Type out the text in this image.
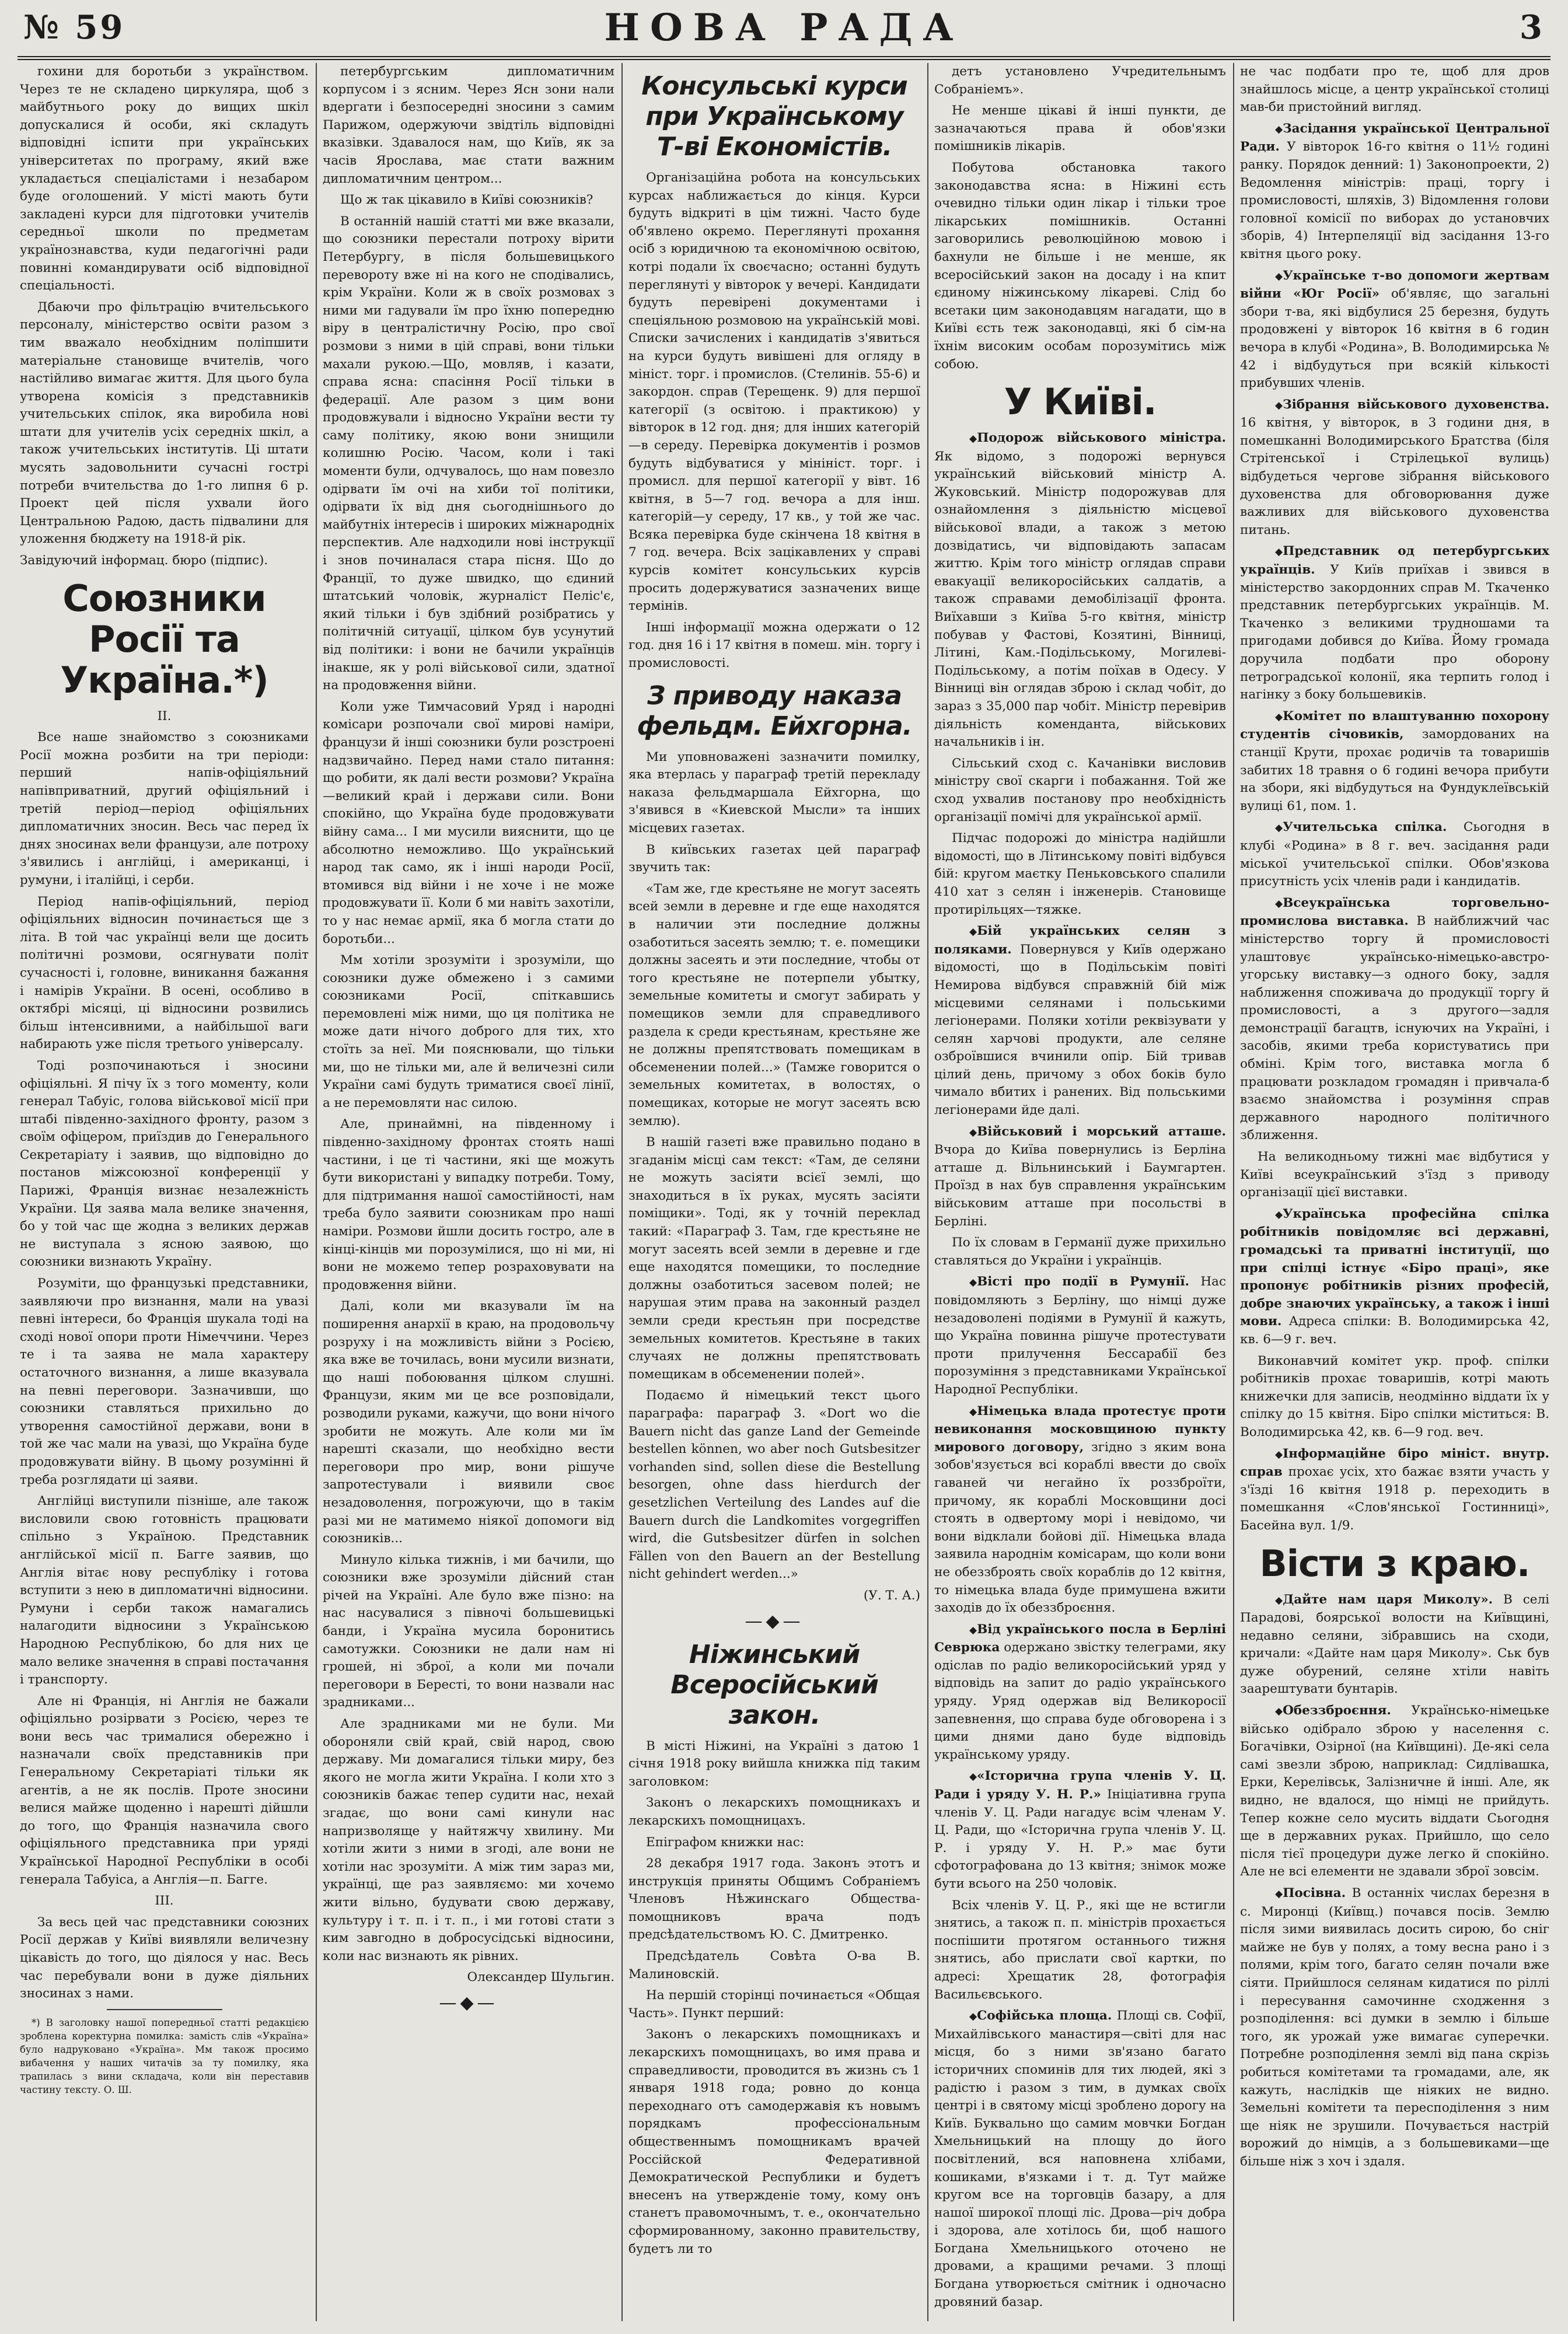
№ 59	НОВА РАДА	3

гохини для боротьби з українством. Через те не складено циркуляра, щоб з майбутнього року до вищих шкіл допускалися й особи, які складуть відповідні іспити при українських університетах по програму, який вже укладається спеціалістами і незабаром буде оголошений. У місті мають бути закладені курси для підготовки учителів середньої школи по предметам українознавства, куди педагогічні ради повинні командирувати осіб відповідної спеціальності.

Дбаючи про фільтрацію вчительського персоналу, міністерство освіти разом з тим вважало необхідним поліпшити матеріальне становище вчителів, чого настійливо вимагає життя. Для цього була утворена комісія з представників учительських спілок, яка виробила нові штати для учителів усіх середніх шкіл, а також учительських інститутів. Ці штати мусять задовольнити сучасні гострі потреби вчительства до 1-го липня 6 р. Проект цей після ухвали його Центральною Радою, дасть підвалини для уложення бюджету на 1918-й рік.

Завідуючий інформац. бюро (підпис).

Союзники Росії та Україна.*)

II.

Все наше знайомство з союзниками Росії можна розбити на три періоди: перший напів-офіціяльний напівприватний, другий офіціяльний і третій період—період офіціяльних дипломатичних зносин. Весь час перед їх днях зносинах вели французи, але потроху з'явились і англійці, і американці, і румуни, і італійці, і серби.

Період напів-офіціяльний, період офіціяльних відносин починається ще з літа. В той час українці вели ще досить політичні розмови, осягнувати політ сучасності і, головне, виникання бажання і намірів України. В осені, особливо в октябрі місяці, ці відносини розвились більш інтенсивними, а найбільшої ваги набирають уже після третього універсалу.

Тоді розпочинаються і зносини офіціяльні. Я пічу їх з того моменту, коли генерал Табуіс, голова військової місії при штабі південно-західного фронту, разом з своїм офіцером, приїздив до Генерального Секретаріату і заявив, що відповідно до постанов міжсоюзної конференції у Парижі, Франція визнає незалежність України. Ця заява мала велике значення, бо у той час ще жодна з великих держав не виступала з ясною заявою, що союзники визнають Україну.

Розуміти, що французькі представники, заявляючи про визнання, мали на увазі певні інтереси, бо Франція шукала тоді на сході нової опори проти Німеччини. Через те і та заява не мала характеру остаточного визнання, а лише вказувала на певні переговори. Зазначивши, що союзники ставляться прихильно до утворення самостійної держави, вони в той же час мали на увазі, що Україна буде продовжувати війну. В цьому розумінні й треба розглядати ці заяви.

Англійці виступили пізніше, але також висловили свою готовність працювати спільно з Україною. Представник англійської місії п. Багге заявив, що Англія вітає нову республіку і готова вступити з нею в дипломатичні відносини. Румуни і серби також намагались налагодити відносини з Українською Народною Республікою, бо для них це мало велике значення в справі постачання і транспорту.

Але ні Франція, ні Англія не бажали офіціяльно розірвати з Росією, через те вони весь час трималися обережно і назначали своїх представників при Генеральному Секретаріаті тільки як агентів, а не як послів. Проте зносини велися майже щоденно і нарешті дійшли до того, що Франція назначила свого офіціяльного представника при уряді Української Народної Республіки в особі генерала Табуіса, а Англія—п. Багге.

III.

За весь цей час представники союзних Росії держав у Київі виявляли величезну цікавість до того, що діялося у нас. Весь час перебували вони в дуже діяльних зносинах з нами.

*) В заголовку нашої попередньої статті редакцією зроблена коректурна помилка: замість слів «Україна» було надруковано «Україна». Мм також просимо вибачення у наших читачів за ту помилку, яка трапилась з вини складача, коли він переставив частину тексту. О. Ш.

петербургським дипломатичним корпусом і з ясним. Через Ясн зони нали вдергати і безпосередні зносини з самим Парижом, одержуючи звідтіль відповідні вказівки. Здавалося нам, що Київ, як за часів Ярослава, має стати важним дипломатичним центром...

Що ж так цікавило в Київі союзників?

В останній нашій статті ми вже вказали, що союзники перестали потроху вірити Петербургу, в після большевицького перевороту вже ні на кого не сподівались, крім України. Коли ж в своїх розмовах з ними ми гадували їм про їхню попередню віру в централістичну Росію, про свої розмови з ними в цій справі, вони тільки махали рукою.—Що, мовляв, і казати, справа ясна: спасіння Росії тільки в федерації. Але разом з цим вони продовжували і відносно України вести ту саму політику, якою вони знищили колишню Росію. Часом, коли і такі моменти були, одчувалось, що нам повезло одірвати їм очі на хиби тої політики, одірвати їх від дня сьогоднішнього до майбутніх інтересів і широких міжнародніх перспектив. Але надходили нові інструкції і знов починалася стара пісня. Що до Франції, то дуже швидко, що єдиний штатський чоловік, журналіст Пеліс'є, який тільки і був здібний розібратись у політичній ситуації, цілком був усунутий від політики: і вони не бачили українців інакше, як у ролі військової сили, здатної на продовження війни.

Коли уже Тимчасовий Уряд і народні комісари розпочали свої мирові наміри, французи й інші союзники були розстроені надзвичайно. Перед нами стало питання: що робити, як далі вести розмови? Україна—великий край і держави сили. Вони спокійно, що Україна буде продовжувати війну сама... І ми мусили вияснити, що це абсолютно неможливо. Що український народ так само, як і інші народи Росії, втомився від війни і не хоче і не може продовжувати її. Коли б ми навіть захотіли, то у нас немає армії, яка б могла стати до боротьби...

Мм хотіли зрозуміти і зрозуміли, що союзники дуже обмежено і з самими союзниками Росії, спіткавшись перемовлені між ними, що ця політика не може дати нічого доброго для тих, хто стоїть за неї. Ми пояснювали, що тільки ми, що не тільки ми, але й величезні сили України самі будуть триматися своєї лінії, а не перемовляти нас силою.

Але, принаймні, на південному і південно-західному фронтах стоять наші частини, і це ті частини, які ще можуть бути використані у випадку потреби. Тому, для підтримання нашої самостійності, нам треба було заявити союзникам про наші наміри. Розмови йшли досить гостро, але в кінці-кінців ми порозумілися, що ні ми, ні вони не можемо тепер розраховувати на продовження війни.

Далі, коли ми вказували їм на поширення анархії в краю, на продовольчу розруху і на можливість війни з Росією, яка вже ве точилась, вони мусили визнати, що наші побоювання цілком слушні. Французи, яким ми це все розповідали, розводили руками, кажучи, що вони нічого зробити не можуть. Але коли ми їм нарешті сказали, що необхідно вести переговори про мир, вони рішуче запротестували і виявили своє незадоволення, погрожуючи, що в такім разі ми не матимемо ніякої допомоги від союзників...

Минуло кілька тижнів, і ми бачили, що союзники вже зрозуміли дійсний стан річей на Україні. Але було вже пізно: на нас насувалися з півночі большевицькі банди, і Україна мусила боронитись самотужки. Союзники не дали нам ні грошей, ні зброї, а коли ми почали переговори в Бересті, то вони назвали нас зрадниками...

Але зрадниками ми не були. Ми обороняли свій край, свій народ, свою державу. Ми домагалися тільки миру, без якого не могла жити Україна. І коли хто з союзників бажає тепер судити нас, нехай згадає, що вони самі кинули нас напризволяще у найтяжчу хвилину. Ми хотіли жити з ними в згоді, але вони не хотіли нас зрозуміти. А між тим зараз ми, українці, ще раз заявляємо: ми хочемо жити вільно, будувати свою державу, культуру і т. п. і т. п., і ми готові стати з ким завгодно в добросусідські відносини, коли нас визнають як рівних.

Олександер Шульгин.

—◆—
Консульські курси при Українському Т-ві Економістів.

Організаційна робота на консульських курсах наближається до кінця. Курси будуть відкриті в цім тижні. Часто буде об'явлено окремо. Переглянуті прохання осіб з юридичною та економічною освітою, котрі подали їх своєчасно; останні будуть переглянуті у вівторок у вечері. Кандидати будуть перевірені документами і спеціяльною розмовою на українській мові. Списки зачислених і кандидатів з'явиться на курси будуть вивішені для огляду в мініст. торг. і промислов. (Стелинів. 55-6) и закордон. справ (Терещенк. 9) для першої категорії (з освітою. і практикою) у вівторок в 12 год. дня; для інших категорій—в середу. Перевірка документів і розмов будуть відбуватися у мінініст. торг. і промисл. для першої категорії у вівт. 16 квітня, в 5—7 год. вечора а для інш. категорій—у середу, 17 кв., у той же час. Всяка перевірка буде скінчена 18 квітня в 7 год. вечера. Всіх зацікавлених у справі курсів комітет консульських курсів просить додержуватися зазначених вище термінів.

Інші інформації можна одержати о 12 год. дня 16 і 17 квітня в помеш. мін. торгу і промисловості.

З приводу наказа фельдм. Ейхгорна.

Ми уповноважені зазначити помилку, яка втерлась у параграф третій перекладу наказа фельдмаршала Ейхгорна, що з'явився в «Киевской Мысли» та інших місцевих газетах.

В київських газетах цей параграф звучить так:

«Там же, где крестьяне не могут засеять всей земли в деревне и где еще находятся в наличии эти последние должны озаботиться засеять землю; т. е. помещики должны засеять и эти последние, чтобы от того крестьяне не потерпели убытку, земельные комитеты и смогут забирать у помещиков земли для справедливого раздела к среди крестьянам, крестьяне же не должны препятствовать помещикам в обсеменении полей...» (Тамже говорится о земельных комитетах, в волостях, о помещиках, которые не могут засеять всю землю).

В нашій газеті вже правильно подано в згаданім місці сам текст: «Там, де селяни не можуть засіяти всієї землі, що знаходиться в їх руках, мусять засіяти поміщики». Тоді, як у точній переклад такий: «Параграф 3. Там, где крестьяне не могут засеять всей земли в деревне и где еще находятся помещики, то последние должны озаботиться засевом полей; не нарушая этим права на законный раздел земли среди крестьян при посредстве земельных комитетов. Крестьяне в таких случаях не должны препятствовать помещикам в обсеменении полей».

Подаємо й німецький текст цього параграфа: параграф 3. «Dort wo die Bauern nicht das ganze Land der Gemeinde bestellen können, wo aber noch Gutsbesitzer vorhanden sind, sollen diese die Bestellung besorgen, ohne dass hierdurch der gesetzlichen Verteilung des Landes auf die Bauern durch die Landkomites vorgegriffen wird, die Gutsbesitzer dürfen in solchen Fällen von den Bauern an der Bestellung nicht gehindert werden...»

(У. Т. А.)

—◆—
Ніжинський Всеросійський закон.

В місті Ніжині, на Україні з датою 1 січня 1918 року вийшла книжка під таким заголовком:

Законъ о лекарскихъ помощникахъ и лекарскихъ помощницахъ.

Епіграфом книжки нас:

28 декабря 1917 года. Законъ этотъ и инструкція приняты Общимъ Собраніемъ Членовъ Нѣжинскаго Общества-помощниковъ врача подъ предсѣдательствомъ Ю. С. Дмитренко.

Предсѣдатель Совѣта О-ва В. Малиновскій.

На першій сторінці починається «Общая Часть». Пункт перший:

Законъ о лекарскихъ помощникахъ и лекарскихъ помощницахъ, во имя права и справедливости, проводится въ жизнь съ 1 января 1918 года; ровно до конца переходнаго отъ самодержавія къ новымъ порядкамъ профессіональным общественнымъ помощникамъ врачей Россійской Федеративной Демократической Республики и будетъ внесенъ на утвержденіе тому, кому онъ станетъ правомочнымъ, т. е., окончательно сформированному, законно правительству, будетъ ли то

детъ установлено Учредительнымъ Собраніемъ».

Не менше цікаві й інші пункти, де зазначаються права й обов'язки помішників лікарів.

Побутова обстановка такого законодавства ясна: в Ніжині єсть очевидно тільки один лікар і тільки трое лікарських помішників. Останні заговорились революційною мовою і бахнули не більше і не менше, як всеросійський закон на досаду і на кпит єдиному ніжинському лікареві. Слід бо всетаки цим законодавцям нагадати, що в Київі єсть теж законодавці, які б сім-на їхнім високим особам порозумітись між собою.

У Київі.

◆Подорож військового міністра. Як відомо, з подорожі вернувся український військовий міністр А. Жуковський. Міністр подорожував для ознайомлення з діяльністю місцевої військової влади, а також з метою дозвідатись, чи відповідають запасам життю. Крім того міністр оглядав справи евакуації великоросійських салдатів, а також справами демобілізації фронта. Виїхавши з Київа 5-го квітня, міністр побував у Фастові, Козятині, Вінниці, Літині, Кам.-Подільському, Могилеві-Подільському, а потім поїхав в Одесу. У Вінниці він оглядав зброю і склад чобіт, до зараз з 35,000 пар чобіт. Міністр перевірив діяльність коменданта, військових начальників і ін.

Сільський сход с. Качанівки висловив міністру свої скарги і побажання. Той же сход ухвалив постанову про необхідність організації помічі для української армії.

Підчас подорожі до міністра надійшли відомості, що в Літинському повіті відбувся бій: кругом маєтку Пеньковського спалили 410 хат з селян і інженерів. Становище протирільцях—тяжке.

◆Бій українських селян з поляками. Повернувся у Київ одержано відомості, що в Подільськім повіті Немирова відбувся справжній бій між місцевими селянами і польськими легіонерами. Поляки хотіли реквізувати у селян харчові продукти, але селяне озброївшися вчинили опір. Бій тривав цілий день, причому з обох боків було чимало вбитих і ранених. Від польськими легіонерами йде далі.

◆Військовий і морський атташе. Вчора до Київа повернулись із Берліна атташе д. Вільнинський і Баумгартен. Проїзд в нах був справлення українським військовим атташе при посольстві в Берліні.

По їх словам в Германії дуже прихильно ставляться до України і українців.

◆Вісті про події в Румунії. Нас повідомляють з Берліну, що німці дуже незадоволені подіями в Румунії й кажуть, що Україна повинна рішуче протестувати проти прилучення Бессарабії без порозуміння з представниками Української Народної Республіки.

◆Німецька влада протестує проти невиконання московщиною пункту мирового договору, згідно з яким вона зобов'язується всі кораблі ввести до своїх гаваней чи негайно їх роззброїти, причому, як кораблі Московщини досі стоять в одвертому морі і невідомо, чи вони відклали бойові дії. Німецька влада заявила народнім комісарам, що коли вони не обеззброять своїх кораблів до 12 квітня, то німецька влада буде примушена вжити заходів до їх обеззброєння.

◆Від українського посла в Берліні Севрюка одержано звістку телеграми, яку одіслав по радіо великоросійський уряд у відповідь на запит до радіо українського уряду. Уряд одержав від Великоросії запевнення, що справа буде обговорена і з цими днями дано буде відповідь українському уряду.

◆«Історична група членів У. Ц. Ради і уряду У. Н. Р.» Ініціативна група членів У. Ц. Ради нагадує всім членам У. Ц. Ради, що «Історична група членів У. Ц. Р. і уряду У. Н. Р.» має бути сфотографована до 13 квітня; знімок може бути всього на 250 чоловік.

Всіх членів У. Ц. Р., які ще не встигли знятись, а також п. п. міністрів прохається поспішити протягом останнього тижня знятись, або прислати свої картки, по адресі: Хрещатик 28, фотографія Васильєвського.

◆Софійська площа. Площі св. Софії, Михайлівського манастиря—світі для нас місця, бо з ними зв'язано багато історичних споминів для тих людей, які з радістю і разом з тим, в думках своїх центрі і в святому місці зроблено дорогу на Київ. Буквально що самим мовчки Богдан Хмельницький на площу до його посвітлений, вся наповнена хлібами, кошиками, в'язками і т. д. Тут майже кругом все на торговців базару, а для нашої широкої площі ліс. Дрова—річ добра і здорова, але хотілось би, щоб нашого Богдана Хмельницького оточено не дровами, а кращими речами. З площі Богдана утворюється смітник і одночасно дровяний базар.

не час подбати про те, щоб для дров знайшлось місце, а центр української столиці мав-би пристойний вигляд.

◆Засідання української Центральної Ради. У вівторок 16-го квітня о 11½ годині ранку. Порядок денний: 1) Законопроекти, 2) Ведомлення міністрів: праці, торгу і промисловості, шляхів, 3) Відомлення голови головної комісії по виборах до установчих зборів, 4) Інтерпеляції від засідання 13-го квітня цього року.

◆Українське т-во допомоги жертвам війни «Юг Росії» об'являє, що загальні збори т-ва, які відбулися 25 березня, будуть продовжені у вівторок 16 квітня в 6 годин вечора в клубі «Родина», В. Володимирська № 42 і відбудуться при всякій кількості прибувших членів.

◆Зібрання військового духовенства. 16 квітня, у вівторок, в 3 години дня, в помешканні Володимирського Братства (біля Стрітенської і Стрілецької вулиць) відбудеться чергове зібрання військового духовенства для обговорювання дуже важливих для військового духовенства питань.

◆Представник од петербургських українців. У Київ приїхав і звився в міністерство закордонних справ М. Ткаченко представник петербургських українців. М. Ткаченко з великими трудношами та пригодами добився до Київа. Йому громада доручила подбати про оборону петроградської колонії, яка терпить голод і нагінку з боку большевиків.

◆Комітет по влаштуванню похорону студентів січовиків, замордованих на станції Крути, прохає родичів та товаришів забитих 18 травня о 6 годині вечора прибути на збори, які відбудуться на Фундуклеївській вулиці 61, пом. 1.

◆Учительська спілка. Сьогодня в клубі «Родина» в 8 г. веч. засідання ради міської учительської спілки. Обов'язкова присутність усіх членів ради і кандидатів.

◆Всеукраїнська торговельно-промислова виставка. В найближчий час міністерство торгу й промисловості улаштовує українсько-німецько-австро-угорську виставку—з одного боку, задля наближення споживача до продукції торгу й промисловості, а з другого—задля демонстрації багацтв, існуючих на Україні, і засобів, якими треба користуватись при обміні. Крім того, виставка могла б працювати розкладом громадян і привчала-б взаємо знайомства і розуміння справ державного народного політичного зближення.

На великодньому тижні має відбутися у Київі всеукраїнський з'їзд з приводу організації цієї виставки.

◆Українська професійна спілка робітників повідомляє всі державні, громадські та приватні інституції, що при спілці істнує «Біро праці», яке пропонує робітників різних професій, добре знаючих українську, а також і інші мови. Адреса спілки: В. Володимирська 42, кв. 6—9 г. веч.

Виконавчий комітет укр. проф. спілки робітників прохає товаришів, котрі мають книжечки для записів, неодмінно віддати їх у спілку до 15 квітня. Біро спілки міститься: В. Володимирська 42, кв. 6—9 год. веч.

◆Інформаційне біро мініст. внутр. справ прохає усіх, хто бажає взяти участь у з'їзді 16 квітня 1918 р. переходить в помешкання «Слов'янської Гостинниці», Басейна вул. 1/9.

Вісти з краю.

◆Дайте нам царя Миколу». В селі Парадові, боярської волости на Київщині, недавно селяни, зібравшись на сходи, кричали: «Дайте нам царя Миколу». Ськ був дуже обурений, селяне хтіли навіть заарештувати бунтарів.

◆Обеззброєння. Українсько-німецьке військо одібрало зброю у населення с. Богачівки, Озірної (на Київщині). Де-які села самі звезли зброю, наприклад: Сидлівашка, Ерки, Керелівськ, Залізничне й інші. Але, як видно, не вдалося, що німці не прийдуть. Тепер кожне село мусить віддати Сьогодня ще в державних руках. Прийшло, що село після тієї процедури дуже легко й спокійно. Але не всі елементи не здавали зброї зовсім.

◆Посівна. В останніх числах березня в с. Миронці (Київщ.) почався посів. Землю після зими виявилась досить сирою, бо сніг майже не був у полях, а тому весна рано і з полями, крім того, багато селян почали вже сіяти. Прийшлося селянам кидатися по ріллі і пересування самочинне сходження з розподілення: всі думки в землю і більше того, як урожай уже вимагає суперечки. Потребне розподілення землі від пана скрізь робиться комітетами та громадами, але, як кажуть, наслідків ще ніяких не видно. Земельні комітети та пересподілення з ним ще ніяк не зрушили. Почувається настрій ворожий до німців, а з большевиками—ще більше ніж з хоч і здаля.
